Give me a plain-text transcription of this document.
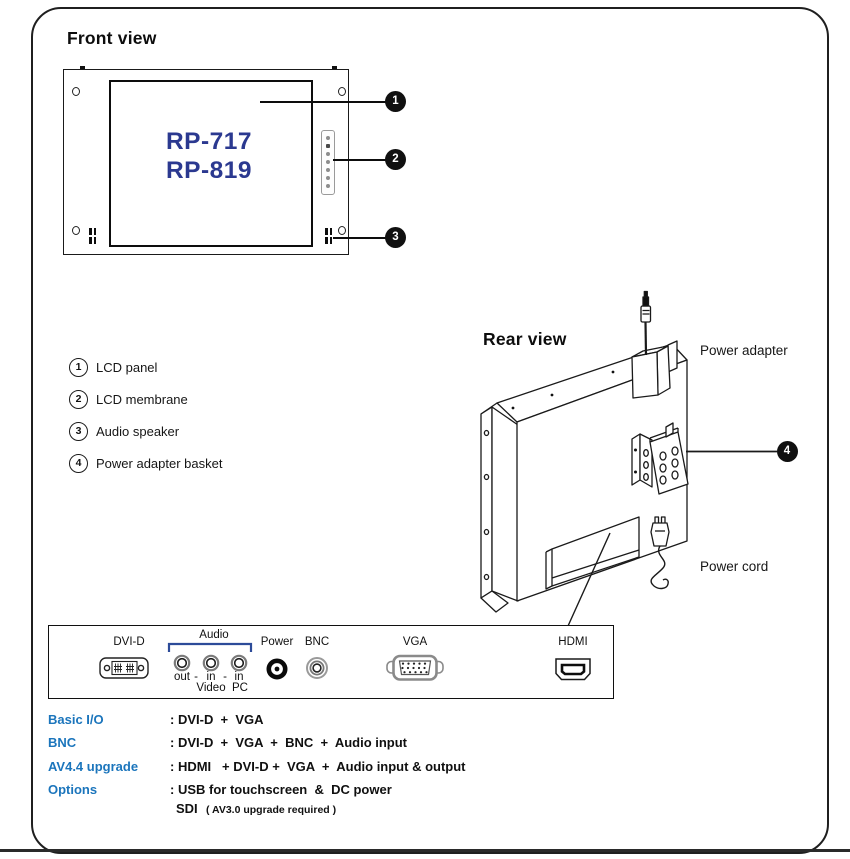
Front view
RP-717
RP-819
1
2
3
1	LCD panel
2	LCD membrane
3	Audio speaker
4	Power adapter basket
Rear view
Power adapter
Power cord
4
DVI-D
Audio
Power	BNC	VGA	HDMI
out - in - in
Video PC
Basic I/O	: DVI-D  +  VGA
BNC	: DVI-D  +  VGA  +  BNC  +  Audio input
AV4.4 upgrade : HDMI   + DVI-D +  VGA  +  Audio input & output
Options	: USB for touchscreen  &  DC power
SDI ( AV3.0 upgrade required )
